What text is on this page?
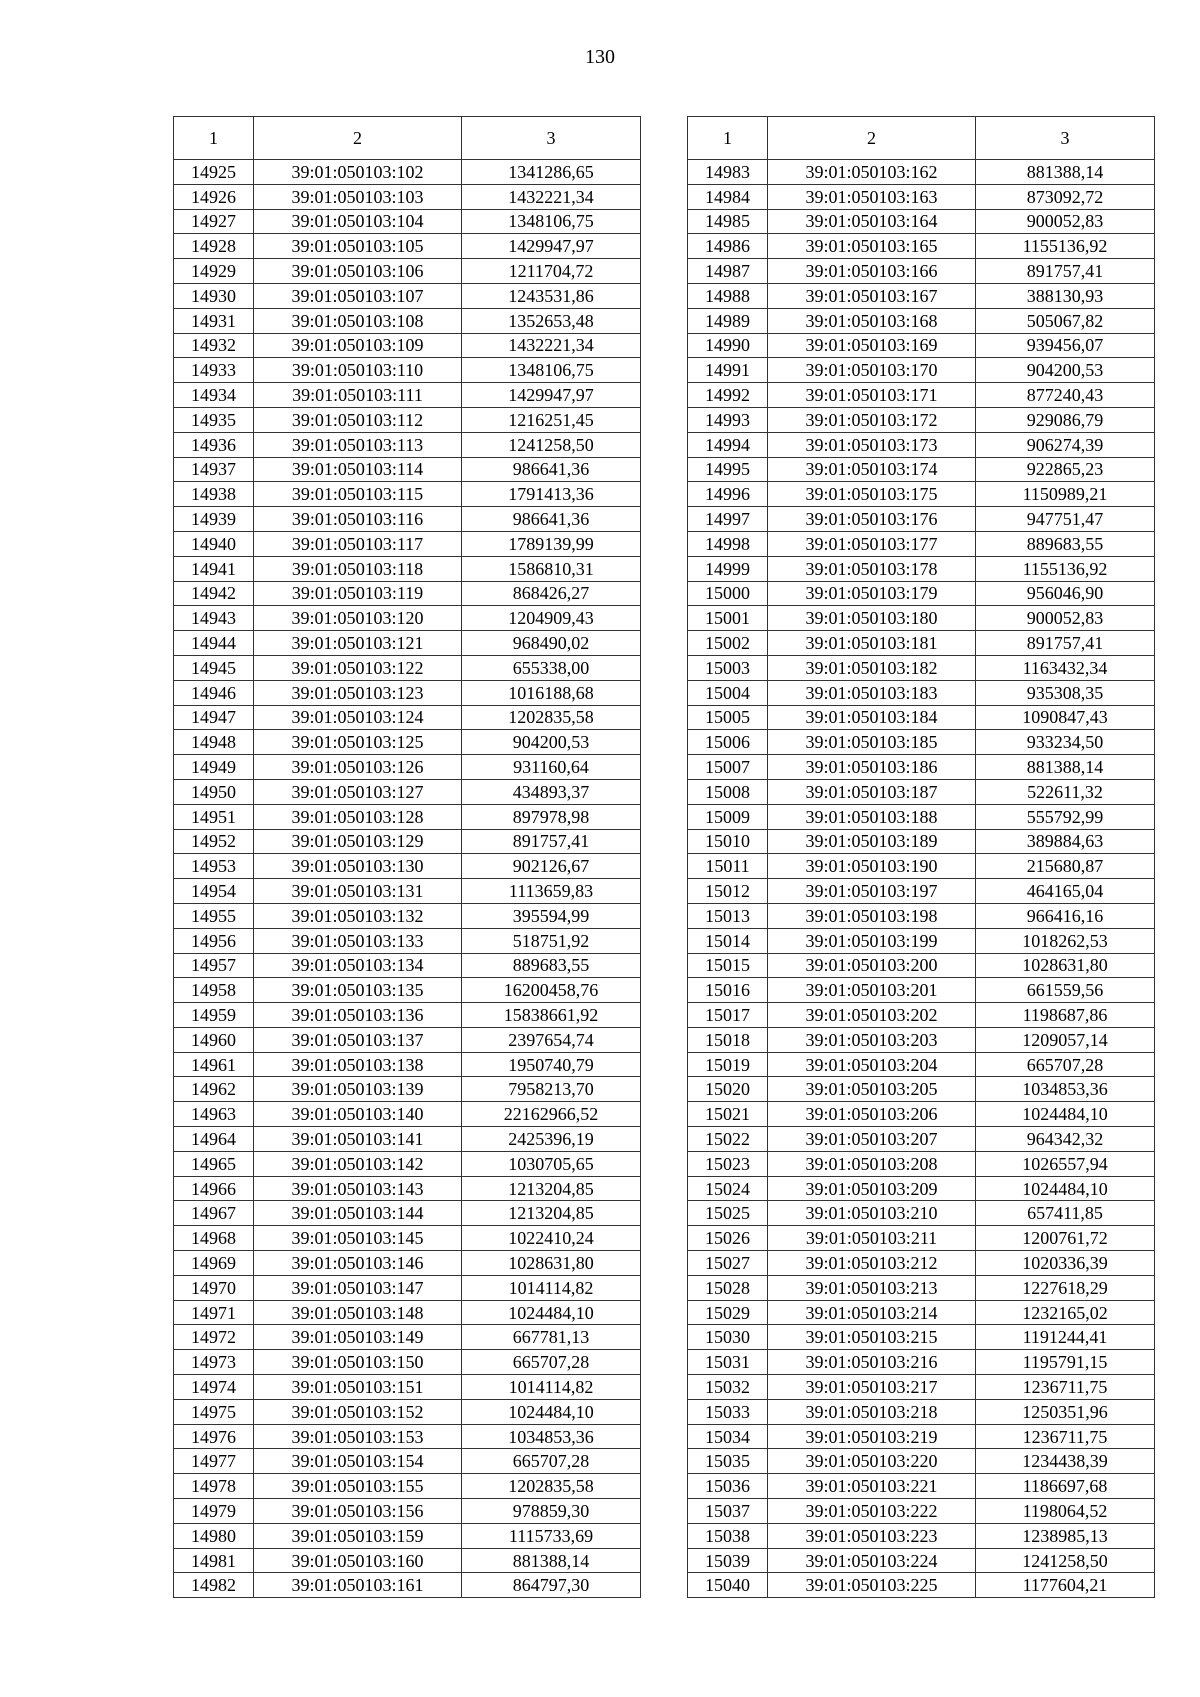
130
1	2	3
14925	39:01:050103:102	1341286,65
14926	39:01:050103:103	1432221,34
14927	39:01:050103:104	1348106,75
14928	39:01:050103:105	1429947,97
14929	39:01:050103:106	1211704,72
14930	39:01:050103:107	1243531,86
14931	39:01:050103:108	1352653,48
14932	39:01:050103:109	1432221,34
14933	39:01:050103:110	1348106,75
14934	39:01:050103:111	1429947,97
14935	39:01:050103:112	1216251,45
14936	39:01:050103:113	1241258,50
14937	39:01:050103:114	986641,36
14938	39:01:050103:115	1791413,36
14939	39:01:050103:116	986641,36
14940	39:01:050103:117	1789139,99
14941	39:01:050103:118	1586810,31
14942	39:01:050103:119	868426,27
14943	39:01:050103:120	1204909,43
14944	39:01:050103:121	968490,02
14945	39:01:050103:122	655338,00
14946	39:01:050103:123	1016188,68
14947	39:01:050103:124	1202835,58
14948	39:01:050103:125	904200,53
14949	39:01:050103:126	931160,64
14950	39:01:050103:127	434893,37
14951	39:01:050103:128	897978,98
14952	39:01:050103:129	891757,41
14953	39:01:050103:130	902126,67
14954	39:01:050103:131	1113659,83
14955	39:01:050103:132	395594,99
14956	39:01:050103:133	518751,92
14957	39:01:050103:134	889683,55
14958	39:01:050103:135	16200458,76
14959	39:01:050103:136	15838661,92
14960	39:01:050103:137	2397654,74
14961	39:01:050103:138	1950740,79
14962	39:01:050103:139	7958213,70
14963	39:01:050103:140	22162966,52
14964	39:01:050103:141	2425396,19
14965	39:01:050103:142	1030705,65
14966	39:01:050103:143	1213204,85
14967	39:01:050103:144	1213204,85
14968	39:01:050103:145	1022410,24
14969	39:01:050103:146	1028631,80
14970	39:01:050103:147	1014114,82
14971	39:01:050103:148	1024484,10
14972	39:01:050103:149	667781,13
14973	39:01:050103:150	665707,28
14974	39:01:050103:151	1014114,82
14975	39:01:050103:152	1024484,10
14976	39:01:050103:153	1034853,36
14977	39:01:050103:154	665707,28
14978	39:01:050103:155	1202835,58
14979	39:01:050103:156	978859,30
14980	39:01:050103:159	1115733,69
14981	39:01:050103:160	881388,14
14982	39:01:050103:161	864797,30
1	2	3
14983	39:01:050103:162	881388,14
14984	39:01:050103:163	873092,72
14985	39:01:050103:164	900052,83
14986	39:01:050103:165	1155136,92
14987	39:01:050103:166	891757,41
14988	39:01:050103:167	388130,93
14989	39:01:050103:168	505067,82
14990	39:01:050103:169	939456,07
14991	39:01:050103:170	904200,53
14992	39:01:050103:171	877240,43
14993	39:01:050103:172	929086,79
14994	39:01:050103:173	906274,39
14995	39:01:050103:174	922865,23
14996	39:01:050103:175	1150989,21
14997	39:01:050103:176	947751,47
14998	39:01:050103:177	889683,55
14999	39:01:050103:178	1155136,92
15000	39:01:050103:179	956046,90
15001	39:01:050103:180	900052,83
15002	39:01:050103:181	891757,41
15003	39:01:050103:182	1163432,34
15004	39:01:050103:183	935308,35
15005	39:01:050103:184	1090847,43
15006	39:01:050103:185	933234,50
15007	39:01:050103:186	881388,14
15008	39:01:050103:187	522611,32
15009	39:01:050103:188	555792,99
15010	39:01:050103:189	389884,63
15011	39:01:050103:190	215680,87
15012	39:01:050103:197	464165,04
15013	39:01:050103:198	966416,16
15014	39:01:050103:199	1018262,53
15015	39:01:050103:200	1028631,80
15016	39:01:050103:201	661559,56
15017	39:01:050103:202	1198687,86
15018	39:01:050103:203	1209057,14
15019	39:01:050103:204	665707,28
15020	39:01:050103:205	1034853,36
15021	39:01:050103:206	1024484,10
15022	39:01:050103:207	964342,32
15023	39:01:050103:208	1026557,94
15024	39:01:050103:209	1024484,10
15025	39:01:050103:210	657411,85
15026	39:01:050103:211	1200761,72
15027	39:01:050103:212	1020336,39
15028	39:01:050103:213	1227618,29
15029	39:01:050103:214	1232165,02
15030	39:01:050103:215	1191244,41
15031	39:01:050103:216	1195791,15
15032	39:01:050103:217	1236711,75
15033	39:01:050103:218	1250351,96
15034	39:01:050103:219	1236711,75
15035	39:01:050103:220	1234438,39
15036	39:01:050103:221	1186697,68
15037	39:01:050103:222	1198064,52
15038	39:01:050103:223	1238985,13
15039	39:01:050103:224	1241258,50
15040	39:01:050103:225	1177604,21
